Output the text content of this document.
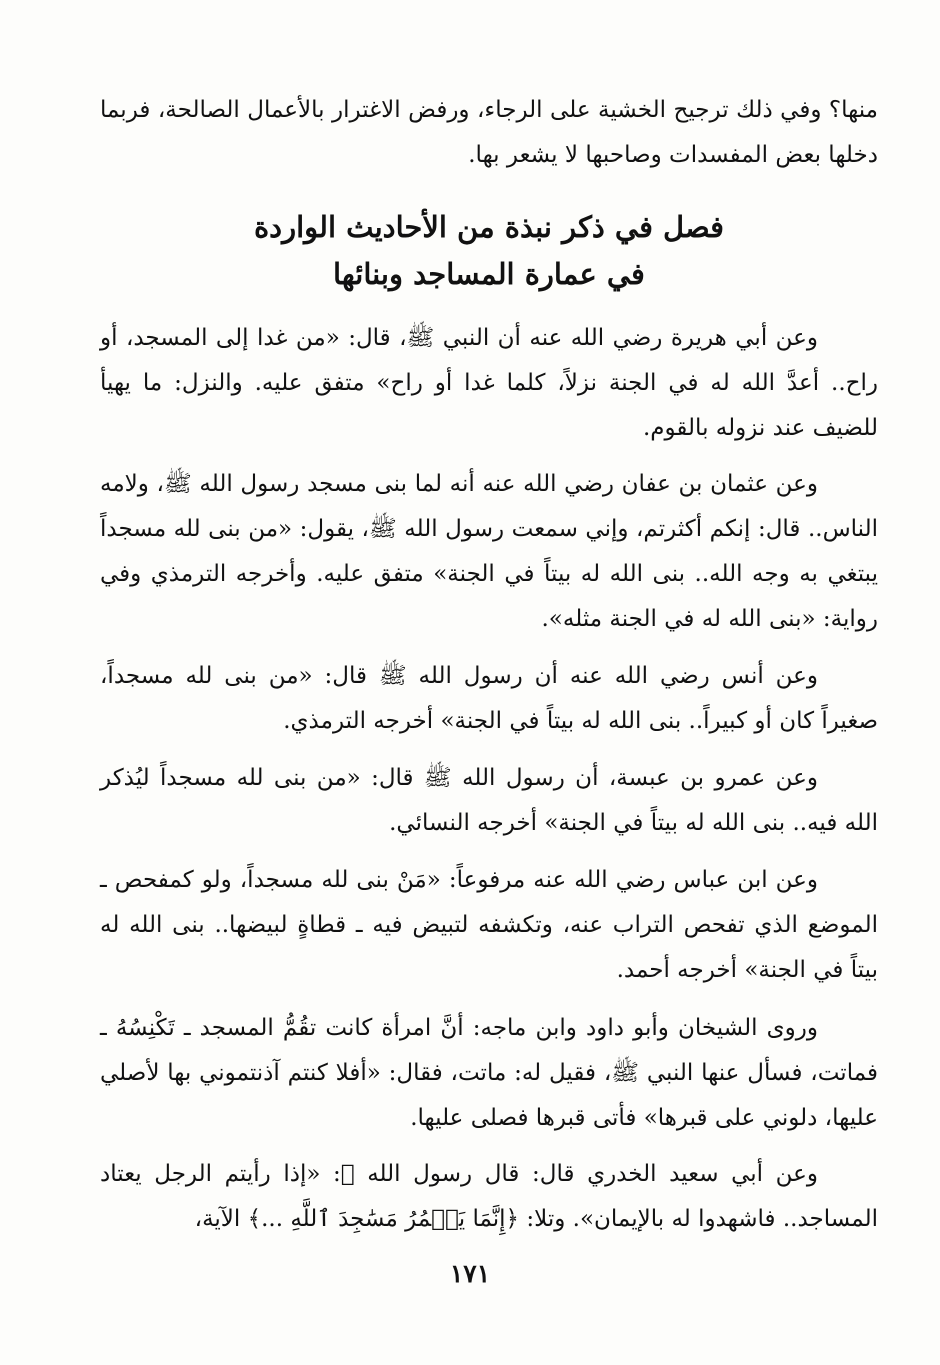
منها؟ وفي ذلك ترجيح الخشية على الرجاء، ورفض الاغترار بالأعمال الصالحة، فربما دخلها بعض المفسدات وصاحبها لا يشعر بها.

فصل في ذكر نبذة من الأحاديث الواردة
في عمارة المساجد وبنائها

وعن أبي هريرة رضي الله عنه أن النبي ﷺ، قال: «من غدا إلى المسجد، أو راح.. أعدَّ الله له في الجنة نزلاً، كلما غدا أو راح» متفق عليه. والنزل: ما يهيأ للضيف عند نزوله بالقوم.

وعن عثمان بن عفان رضي الله عنه أنه لما بنى مسجد رسول الله ﷺ، ولامه الناس.. قال: إنكم أكثرتم، وإني سمعت رسول الله ﷺ، يقول: «من بنى لله مسجداً يبتغي به وجه الله.. بنى الله له بيتاً في الجنة» متفق عليه. وأخرجه الترمذي وفي رواية: «بنى الله له في الجنة مثله».

وعن أنس رضي الله عنه أن رسول الله ﷺ قال: «من بنى لله مسجداً، صغيراً كان أو كبيراً.. بنى الله له بيتاً في الجنة» أخرجه الترمذي.

وعن عمرو بن عبسة، أن رسول الله ﷺ قال: «من بنى لله مسجداً ليُذكر الله فيه.. بنى الله له بيتاً في الجنة» أخرجه النسائي.

وعن ابن عباس رضي الله عنه مرفوعاً: «مَنْ بنى لله مسجداً، ولو كمفحص ـ الموضع الذي تفحص التراب عنه، وتكشفه لتبيض فيه ـ قطاةٍ لبيضها.. بنى الله له بيتاً في الجنة» أخرجه أحمد.

وروى الشيخان وأبو داود وابن ماجه: أنَّ امرأة كانت تقُمُّ المسجد ـ تَكْنِسُهُ ـ فماتت، فسأل عنها النبي ﷺ، فقيل له: ماتت، فقال: «أفلا كنتم آذنتموني بها لأصلي عليها، دلوني على قبرها» فأتى قبرها فصلى عليها.

وعن أبي سعيد الخدري قال: قال رسول الله ﷺ: «إذا رأيتم الرجل يعتاد المساجد.. فاشهدوا له بالإيمان». وتلا: ﴿إِنَّمَا يَعۡمُرُ مَسَٰجِدَ ٱللَّهِ ...﴾ الآية،

١٧١
